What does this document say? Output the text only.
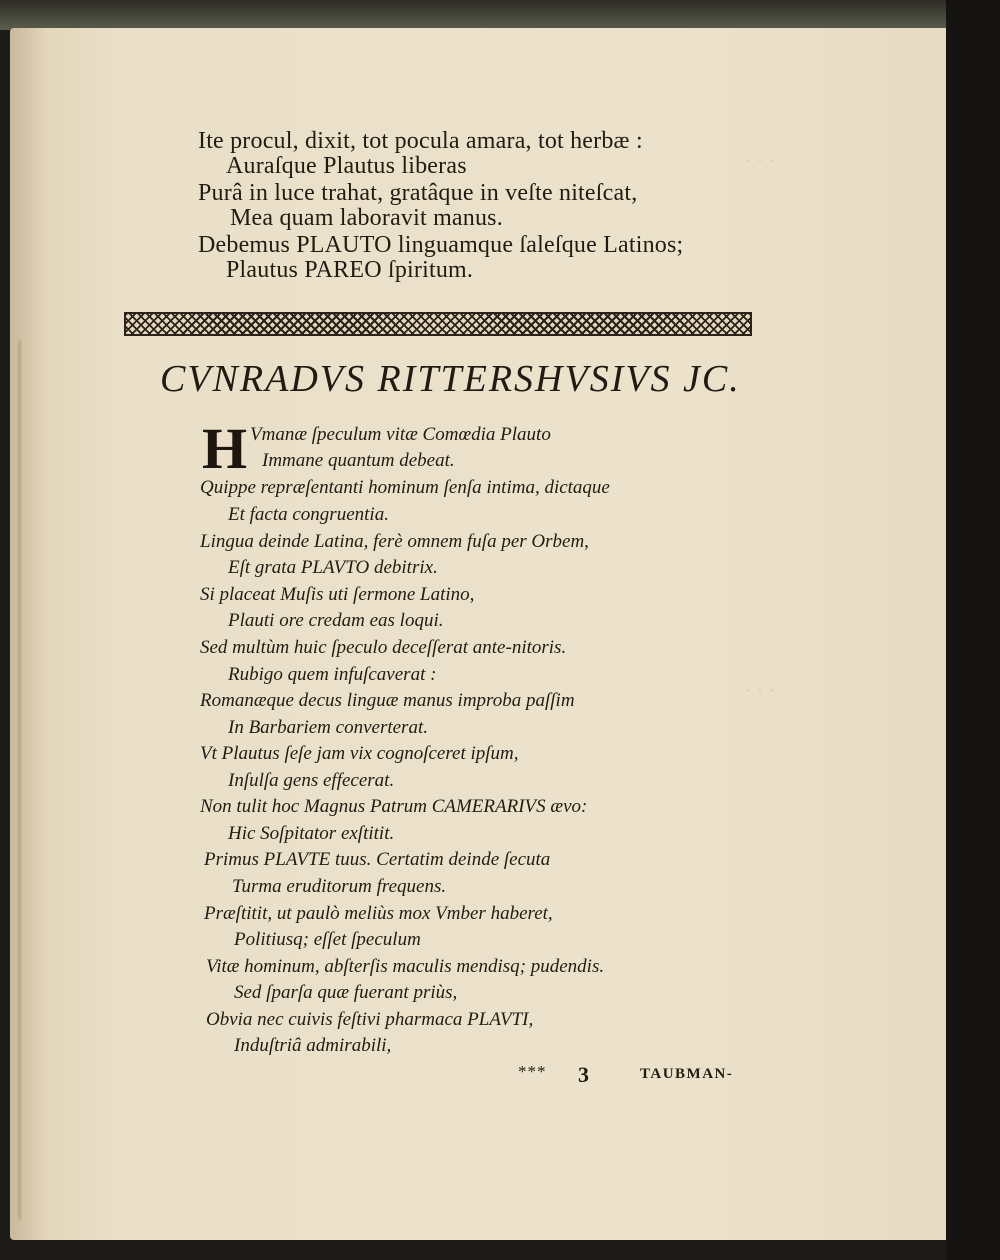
· · ·
· · ·
Ite procul, dixit, tot pocula amara, tot herbæ :
Auraſque Plautus liberas
Purâ in luce trahat, gratâque in veſte niteſcat,
Mea quam laboravit manus.
Debemus PLAUTO linguamque ſaleſque Latinos;
Plautus PAREO ſpiritum.
CVNRADVS RITTERSHVSIVS JC.
H Vmanæ ſpeculum vitæ Comœdia Plauto
Immane quantum debeat.
Quippe repræſentanti hominum ſenſa intima, dictaque
Et facta congruentia.
Lingua deinde Latina, ferè omnem fuſa per Orbem,
Eſt grata PLAVTO debitrix.
Si placeat Muſis uti ſermone Latino,
Plauti ore credam eas loqui.
Sed multùm huic ſpeculo deceſſerat ante-nitoris.
Rubigo quem infuſcaverat :
Romanæque decus linguæ manus improba paſſim
In Barbariem converterat.
Vt Plautus ſeſe jam vix cognoſceret ipſum,
Inſulſa gens effecerat.
Non tulit hoc Magnus Patrum CAMERARIVS ævo:
Hic Soſpitator exſtitit.
Primus PLAVTE tuus. Certatim deinde ſecuta
Turma eruditorum frequens.
Præſtitit, ut paulò meliùs mox Vmber haberet,
Politiusq; eſſet ſpeculum
Vitæ hominum, abſterſis maculis mendisq; pudendis.
Sed ſparſa quæ fuerant priùs,
Obvia nec cuivis feſtivi pharmaca PLAVTI,
Induſtriâ admirabili,
*** 3	TAUBMAN-
